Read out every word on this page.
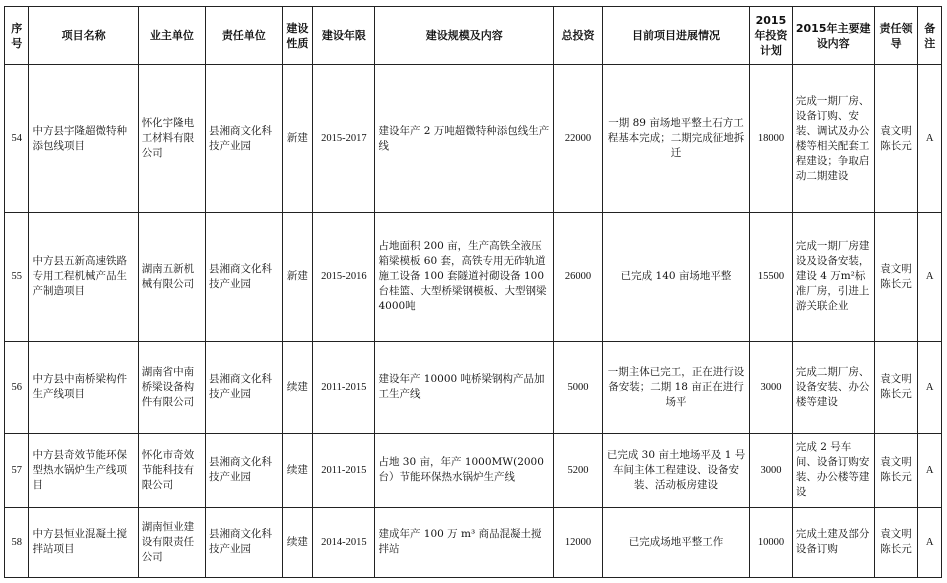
序号	项目名称	业主单位	责任单位	建设性质	建设年限	建设规模及内容	总投资	目前项目进展情况	2015年投资计划	2015年主要建设内容	责任领导	备注
54	中方县宇隆超微特种添包线项目	怀化宇隆电工材料有限公司	县湘商文化科技产业园	新建	2015-2017	建设年产 2 万吨超微特种添包线生产线	22000	一期 89 亩场地平整土石方工程基本完成；二期完成征地拆迁	18000	完成一期厂房、设备订购、安装、调试及办公楼等相关配套工程建设；争取启动二期建设	袁文明陈长元	A
55	中方县五新高速铁路专用工程机械产品生产制造项目	湖南五新机械有限公司	县湘商文化科技产业园	新建	2015-2016	占地面积 200 亩，生产高铁全液压箱梁模板 60 套，高铁专用无砟轨道施工设备 100 套隧道衬砌设备 100 台桂篮、大型桥梁钢模板、大型钢梁4000吨	26000	已完成 140 亩场地平整	15500	完成一期厂房建设及设备安装，建设 4 万m²标准厂房，引进上游关联企业	袁文明陈长元	A
56	中方县中南桥梁构件生产线项目	湖南省中南桥梁设备构件有限公司	县湘商文化科技产业园	续建	2011-2015	建设年产 10000 吨桥梁钢构产品加工生产线	5000	一期主体已完工，正在进行设备安装；二期 18 亩正在进行场平	3000	完成二期厂房、设备安装、办公楼等建设	袁文明陈长元	A
57	中方县奇效节能环保型热水锅炉生产线项目	怀化市奇效节能科技有限公司	县湘商文化科技产业园	续建	2011-2015	占地 30 亩，年产 1000MW(2000台）节能环保热水锅炉生产线	5200	已完成 30 亩土地场平及 1 号车间主体工程建设、设备安装、活动板房建设	3000	完成 2 号车间、设备订购安装、办公楼等建设	袁文明陈长元	A
58	中方县恒业混凝土搅拌站项目	湖南恒业建设有限责任公司	县湘商文化科技产业园	续建	2014-2015	建成年产 100 万 m³ 商品混凝土搅拌站	12000	已完成场地平整工作	10000	完成土建及部分设备订购	袁文明陈长元	A
